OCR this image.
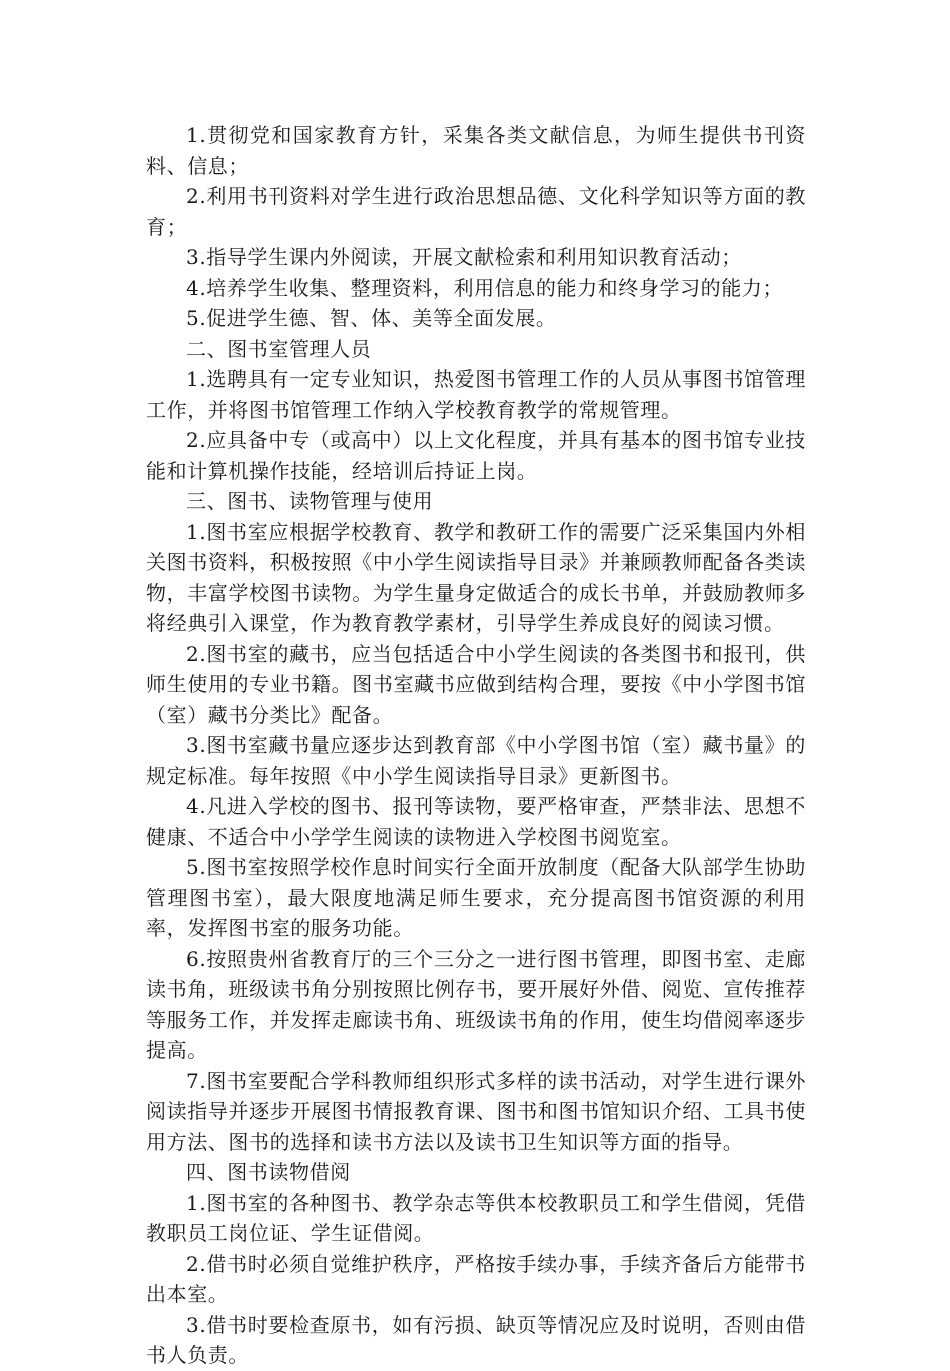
1.贯彻党和国家教育方针，采集各类文献信息，为师生提供书刊资料、信息；

2.利用书刊资料对学生进行政治思想品德、文化科学知识等方面的教育；

3.指导学生课内外阅读，开展文献检索和利用知识教育活动；

4.培养学生收集、整理资料，利用信息的能力和终身学习的能力；

5.促进学生德、智、体、美等全面发展。

二、图书室管理人员

1.选聘具有一定专业知识，热爱图书管理工作的人员从事图书馆管理工作，并将图书馆管理工作纳入学校教育教学的常规管理。

2.应具备中专（或高中）以上文化程度，并具有基本的图书馆专业技能和计算机操作技能，经培训后持证上岗。

三、图书、读物管理与使用

1.图书室应根据学校教育、教学和教研工作的需要广泛采集国内外相关图书资料，积极按照《中小学生阅读指导目录》并兼顾教师配备各类读物，丰富学校图书读物。为学生量身定做适合的成长书单，并鼓励教师多将经典引入课堂，作为教育教学素材，引导学生养成良好的阅读习惯。

2.图书室的藏书，应当包括适合中小学生阅读的各类图书和报刊，供师生使用的专业书籍。图书室藏书应做到结构合理，要按《中小学图书馆（室）藏书分类比》配备。

3.图书室藏书量应逐步达到教育部《中小学图书馆（室）藏书量》的规定标准。每年按照《中小学生阅读指导目录》更新图书。

4.凡进入学校的图书、报刊等读物，要严格审查，严禁非法、思想不健康、不适合中小学学生阅读的读物进入学校图书阅览室。

5.图书室按照学校作息时间实行全面开放制度（配备大队部学生协助管理图书室），最大限度地满足师生要求，充分提高图书馆资源的利用率，发挥图书室的服务功能。

6.按照贵州省教育厅的三个三分之一进行图书管理，即图书室、走廊读书角，班级读书角分别按照比例存书，要开展好外借、阅览、宣传推荐等服务工作，并发挥走廊读书角、班级读书角的作用，使生均借阅率逐步提高。

7.图书室要配合学科教师组织形式多样的读书活动，对学生进行课外阅读指导并逐步开展图书情报教育课、图书和图书馆知识介绍、工具书使用方法、图书的选择和读书方法以及读书卫生知识等方面的指导。

四、图书读物借阅

1.图书室的各种图书、教学杂志等供本校教职员工和学生借阅，凭借教职员工岗位证、学生证借阅。

2.借书时必须自觉维护秩序，严格按手续办事，手续齐备后方能带书出本室。

3.借书时要检查原书，如有污损、缺页等情况应及时说明，否则由借书人负责。
